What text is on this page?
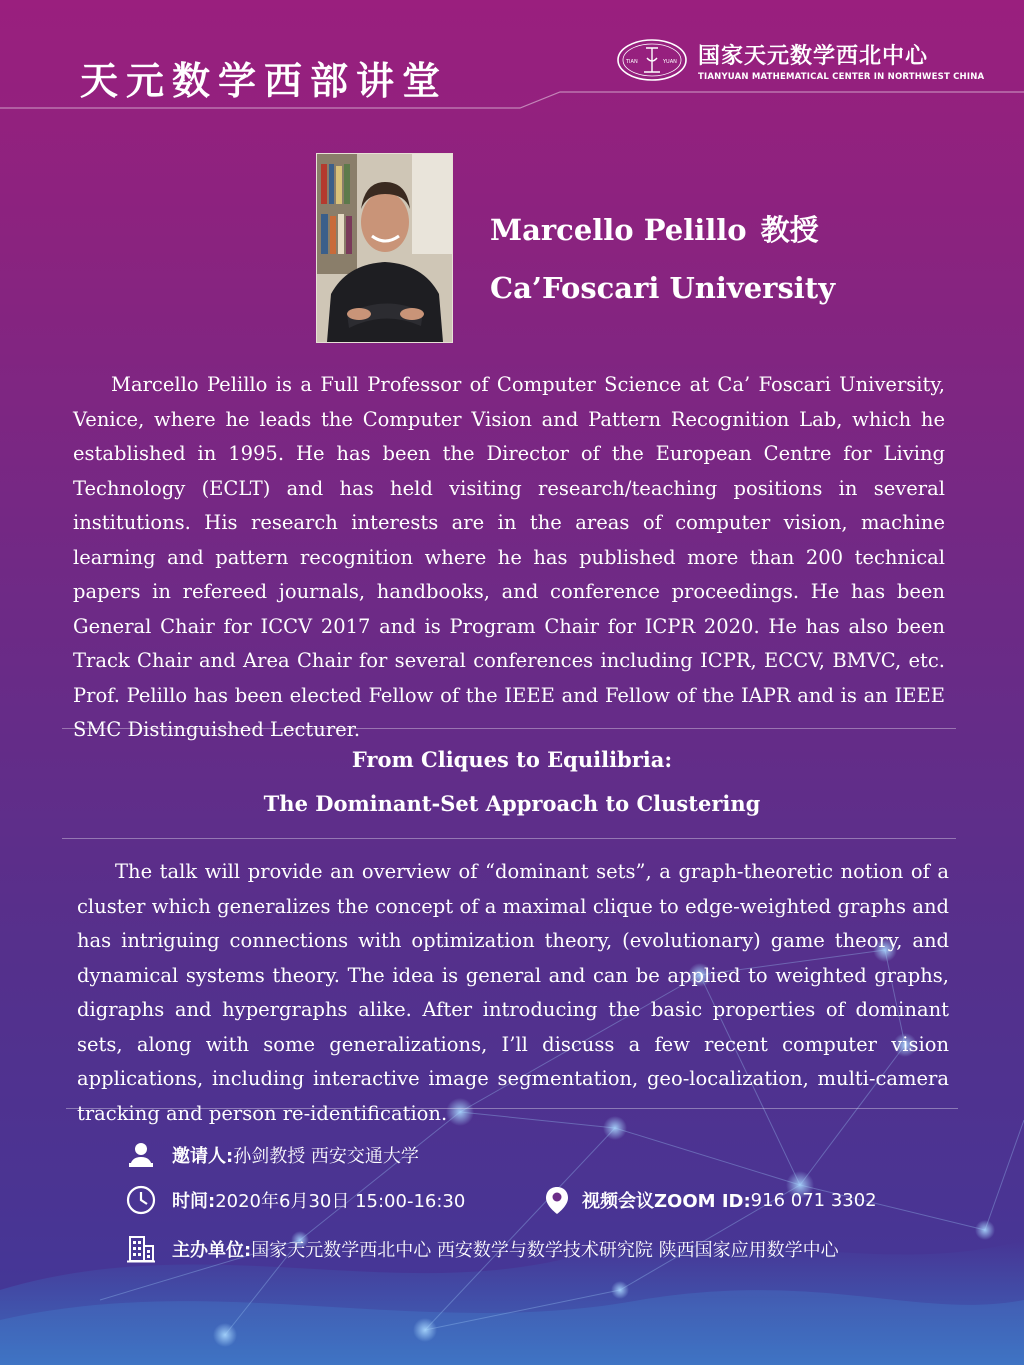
天元数学西部讲堂	TIAN	YUAN 国家天元数学西北中心
TIANYUAN MATHEMATICAL CENTER IN NORTHWEST CHINA
Marcello Pelillo 教授
Ca’Foscari University
Marcello Pelillo is a Full Professor of Computer Science at Ca’ Foscari University, Venice, where he leads the Computer Vision and Pattern Recognition Lab, which he established in 1995. He has been the Director of the European Centre for Living Technology (ECLT) and has held visiting research/teaching positions in several institutions. His research interests are in the areas of computer vision, machine learning and pattern recognition where he has published more than 200 technical papers in refereed journals, handbooks, and conference proceedings. He has been General Chair for ICCV 2017 and is Program Chair for ICPR 2020. He has also been Track Chair and Area Chair for several conferences including ICPR, ECCV, BMVC, etc. Prof. Pelillo has been elected Fellow of the IEEE and Fellow of the IAPR and is an IEEE SMC Distinguished Lecturer.
From Cliques to Equilibria:
The Dominant-Set Approach to Clustering
The talk will provide an overview of “dominant sets”, a graph-theoretic notion of a cluster which generalizes the concept of a maximal clique to edge-weighted graphs and has intriguing connections with optimization theory, (evolutionary) game theory, and dynamical systems theory. The idea is general and can be applied to weighted graphs, digraphs and hypergraphs alike. After introducing the basic properties of dominant sets, along with some generalizations, I’ll discuss a few recent computer vision applications, including interactive image segmentation, geo-localization, multi-camera tracking and person re-identification.
邀请人: 孙剑教授 西安交通大学
时间: 2020年6月30日 15:00-16:30	视频会议ZOOM ID: 916 071 3302
主办单位: 国家天元数学西北中心 西安数学与数学技术研究院 陕西国家应用数学中心
